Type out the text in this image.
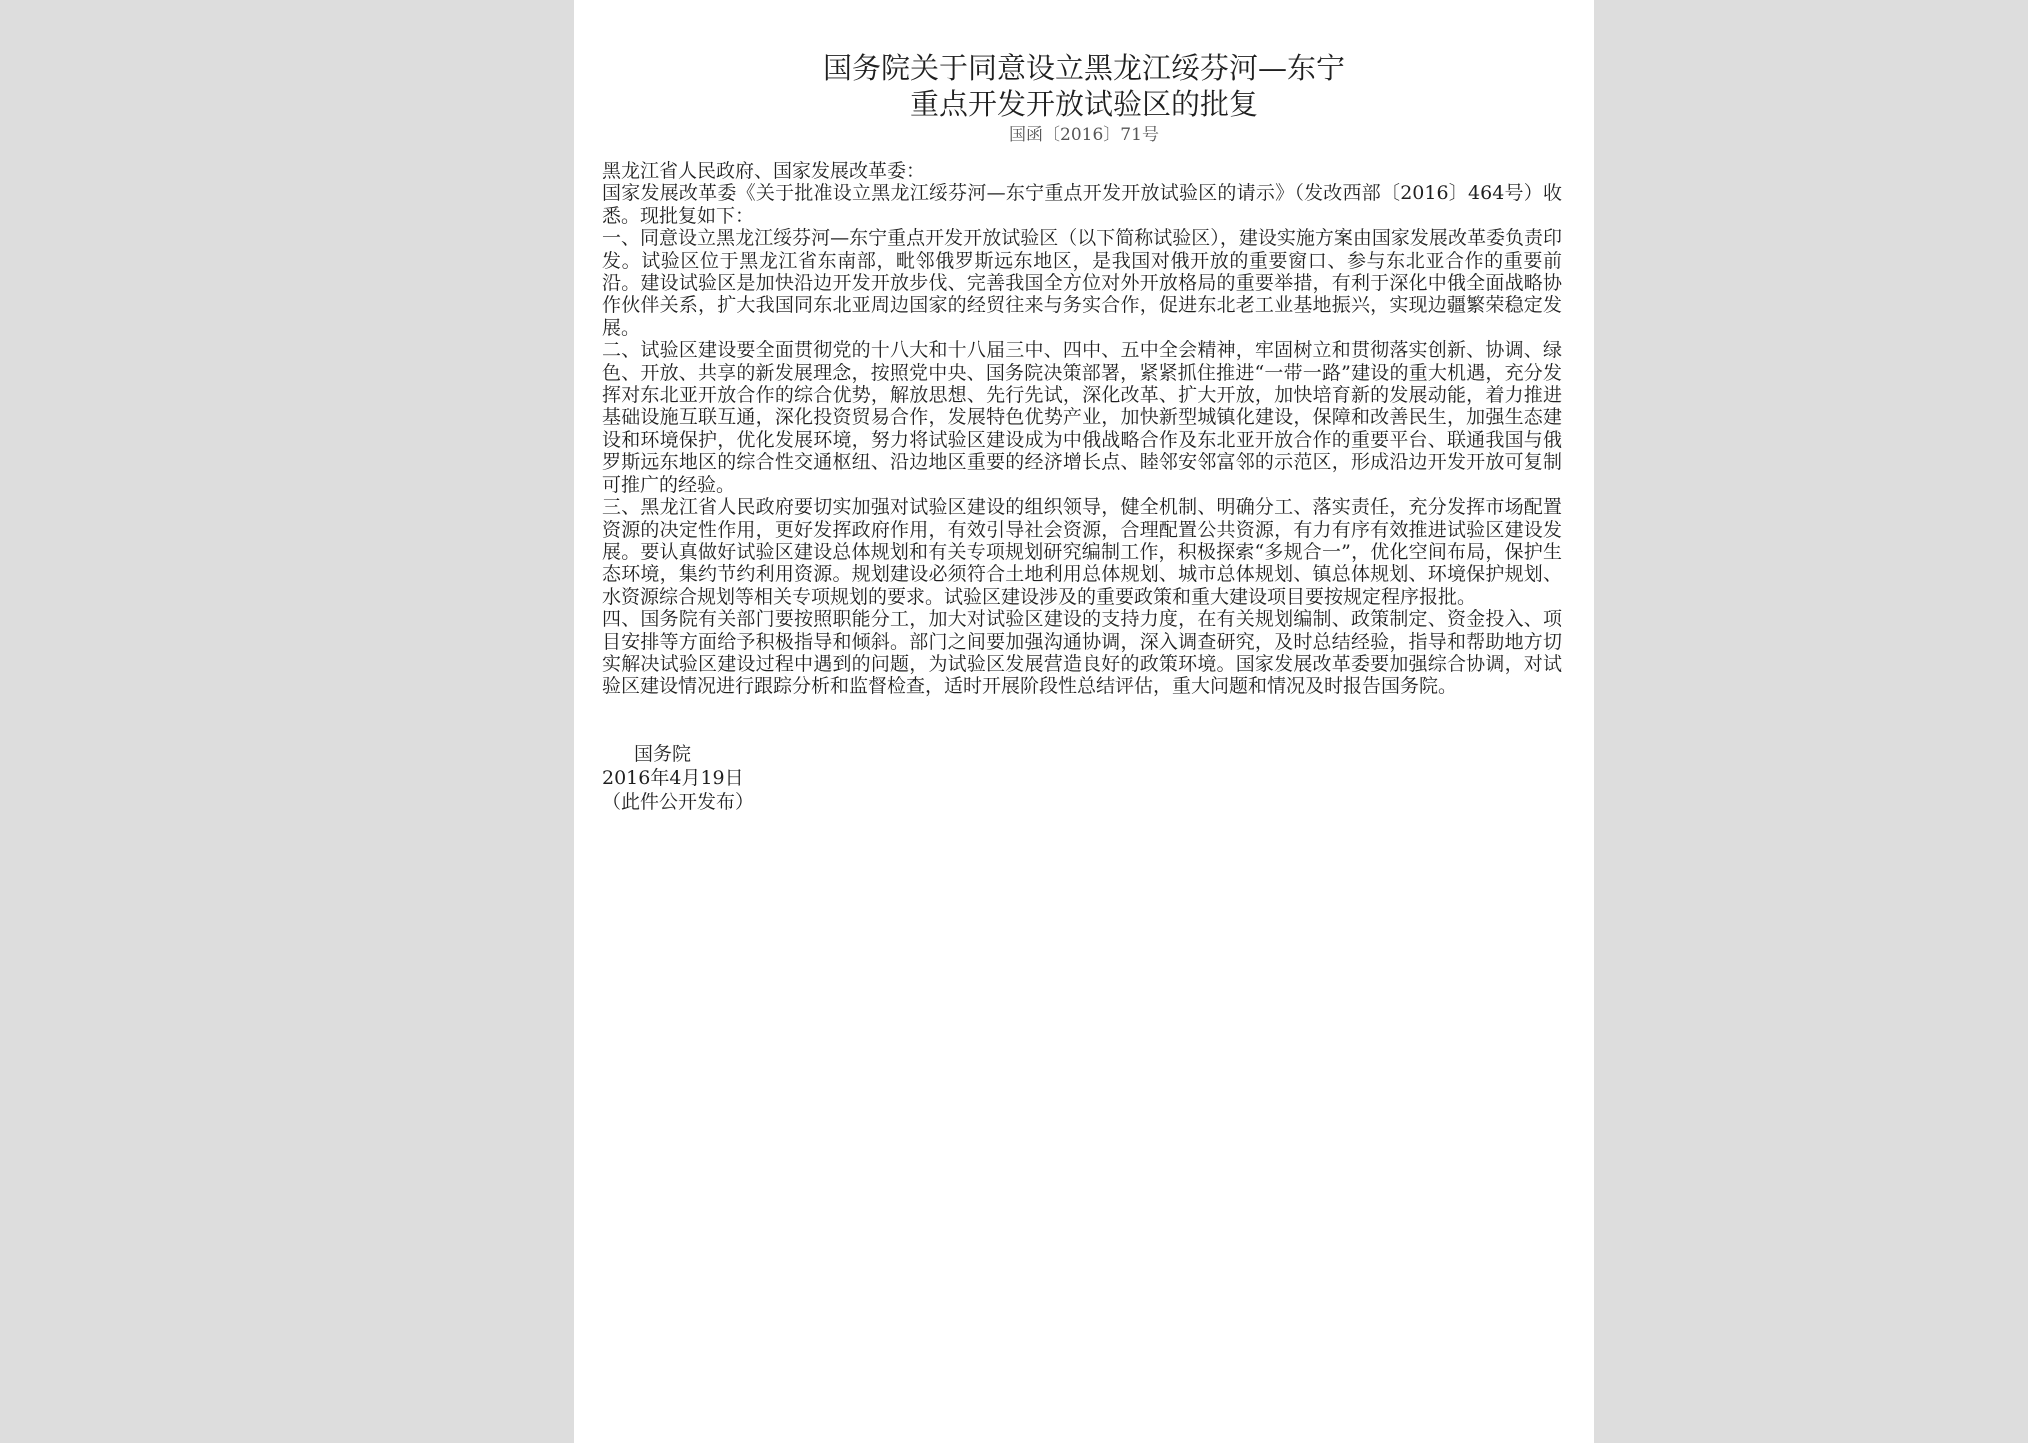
国务院关于同意设立黑龙江绥芬河—东宁
重点开发开放试验区的批复
国函〔2016〕71号

黑龙江省人民政府、国家发展改革委：

国家发展改革委《关于批准设立黑龙江绥芬河—东宁重点开发开放试验区的请示》（发改西部〔2016〕464号）收悉。现批复如下：

一、同意设立黑龙江绥芬河—东宁重点开发开放试验区（以下简称试验区），建设实施方案由国家发展改革委负责印发。试验区位于黑龙江省东南部，毗邻俄罗斯远东地区，是我国对俄开放的重要窗口、参与东北亚合作的重要前沿。建设试验区是加快沿边开发开放步伐、完善我国全方位对外开放格局的重要举措，有利于深化中俄全面战略协作伙伴关系，扩大我国同东北亚周边国家的经贸往来与务实合作，促进东北老工业基地振兴，实现边疆繁荣稳定发展。

二、试验区建设要全面贯彻党的十八大和十八届三中、四中、五中全会精神，牢固树立和贯彻落实创新、协调、绿色、开放、共享的新发展理念，按照党中央、国务院决策部署，紧紧抓住推进“一带一路”建设的重大机遇，充分发挥对东北亚开放合作的综合优势，解放思想、先行先试，深化改革、扩大开放，加快培育新的发展动能，着力推进基础设施互联互通，深化投资贸易合作，发展特色优势产业，加快新型城镇化建设，保障和改善民生，加强生态建设和环境保护，优化发展环境，努力将试验区建设成为中俄战略合作及东北亚开放合作的重要平台、联通我国与俄罗斯远东地区的综合性交通枢纽、沿边地区重要的经济增长点、睦邻安邻富邻的示范区，形成沿边开发开放可复制可推广的经验。

三、黑龙江省人民政府要切实加强对试验区建设的组织领导，健全机制、明确分工、落实责任，充分发挥市场配置资源的决定性作用，更好发挥政府作用，有效引导社会资源，合理配置公共资源，有力有序有效推进试验区建设发展。要认真做好试验区建设总体规划和有关专项规划研究编制工作，积极探索“多规合一”，优化空间布局，保护生态环境，集约节约利用资源。规划建设必须符合土地利用总体规划、城市总体规划、镇总体规划、环境保护规划、水资源综合规划等相关专项规划的要求。试验区建设涉及的重要政策和重大建设项目要按规定程序报批。

四、国务院有关部门要按照职能分工，加大对试验区建设的支持力度，在有关规划编制、政策制定、资金投入、项目安排等方面给予积极指导和倾斜。部门之间要加强沟通协调，深入调查研究，及时总结经验，指导和帮助地方切实解决试验区建设过程中遇到的问题，为试验区发展营造良好的政策环境。国家发展改革委要加强综合协调，对试验区建设情况进行跟踪分析和监督检查，适时开展阶段性总结评估，重大问题和情况及时报告国务院。

国务院
2016年4月19日
（此件公开发布）
